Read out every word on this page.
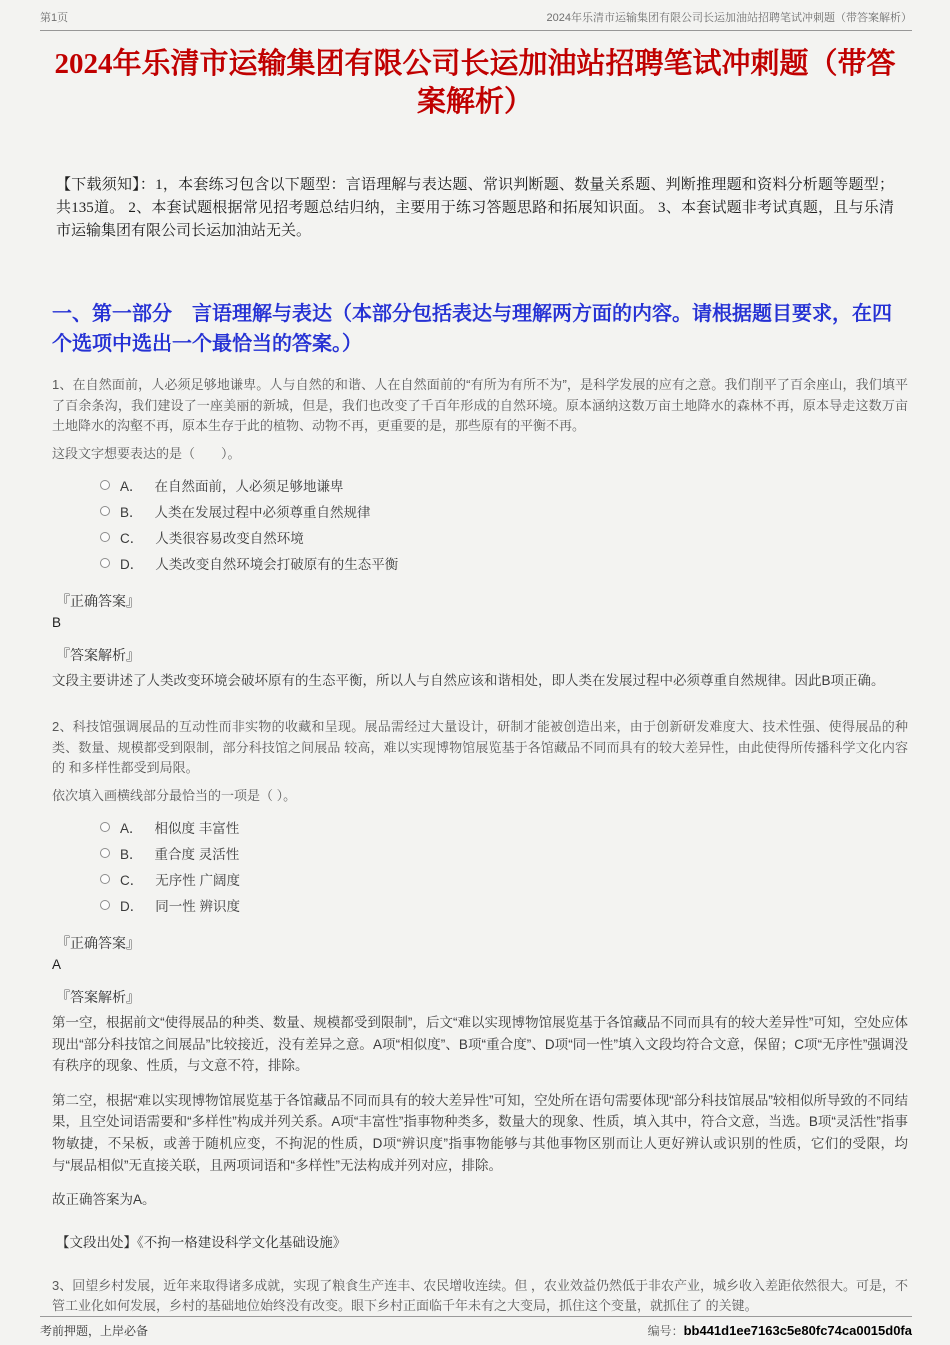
第1页	2024年乐清市运输集团有限公司长运加油站招聘笔试冲刺题（带答案解析）
2024年乐清市运输集团有限公司长运加油站招聘笔试冲刺题（带答案解析）

【下载须知】：1，本套练习包含以下题型：言语理解与表达题、常识判断题、数量关系题、判断推理题和资料分析题等题型；共135道。 2、本套试题根据常见招考题总结归纳，主要用于练习答题思路和拓展知识面。 3、本套试题非考试真题，且与乐清市运输集团有限公司长运加油站无关。

一、第一部分　言语理解与表达（本部分包括表达与理解两方面的内容。请根据题目要求，在四个选项中选出一个最恰当的答案。）

1、在自然面前，人必须足够地谦卑。人与自然的和谐、人在自然面前的“有所为有所不为”，是科学发展的应有之意。我们削平了百余座山，我们填平了百余条沟，我们建设了一座美丽的新城，但是，我们也改变了千百年形成的自然环境。原本涵纳这数万亩土地降水的森林不再，原本导走这数万亩土地降水的沟壑不再，原本生存于此的植物、动物不再，更重要的是，那些原有的平衡不再。

这段文字想要表达的是（　　）。

A． 在自然面前，人必须足够地谦卑
B． 人类在发展过程中必须尊重自然规律
C． 人类很容易改变自然环境
D． 人类改变自然环境会打破原有的生态平衡
『正确答案』
B
『答案解析』

文段主要讲述了人类改变环境会破坏原有的生态平衡，所以人与自然应该和谐相处，即人类在发展过程中必须尊重自然规律。因此B项正确。

2、科技馆强调展品的互动性而非实物的收藏和呈现。展品需经过大量设计，研制才能被创造出来，由于创新研发难度大、技术性强、使得展品的种类、数量、规模都受到限制，部分科技馆之间展品 较高，难以实现博物馆展览基于各馆藏品不同而具有的较大差异性，由此使得所传播科学文化内容的 和多样性都受到局限。

依次填入画横线部分最恰当的一项是（ ）。

A． 相似度 丰富性
B． 重合度 灵活性
C． 无序性 广阔度
D． 同一性 辨识度
『正确答案』
A
『答案解析』

第一空，根据前文“使得展品的种类、数量、规模都受到限制”，后文“难以实现博物馆展览基于各馆藏品不同而具有的较大差异性”可知，空处应体现出“部分科技馆之间展品”比较接近，没有差异之意。A项“相似度”、B项“重合度”、D项“同一性”填入文段均符合文意，保留；C项“无序性”强调没有秩序的现象、性质，与文意不符，排除。

第二空，根据“难以实现博物馆展览基于各馆藏品不同而具有的较大差异性”可知，空处所在语句需要体现“部分科技馆展品”较相似所导致的不同结果，且空处词语需要和“多样性”构成并列关系。A项“丰富性”指事物种类多，数量大的现象、性质，填入其中，符合文意，当选。B项“灵活性”指事物敏捷，不呆板，或善于随机应变，不拘泥的性质，D项“辨识度”指事物能够与其他事物区别而让人更好辨认或识别的性质，它们的受限，均与“展品相似”无直接关联，且两项词语和“多样性”无法构成并列对应，排除。

故正确答案为A。

【文段出处】《不拘一格建设科学文化基础设施》

3、回望乡村发展，近年来取得诸多成就，实现了粮食生产连丰、农民增收连续。但 ，农业效益仍然低于非农产业，城乡收入差距依然很大。可是，不管工业化如何发展，乡村的基础地位始终没有改变。眼下乡村正面临千年未有之大变局，抓住这个变量，就抓住了 的关键。

考前押题，上岸必备	编号：bb441d1ee7163c5e80fc74ca0015d0fa
